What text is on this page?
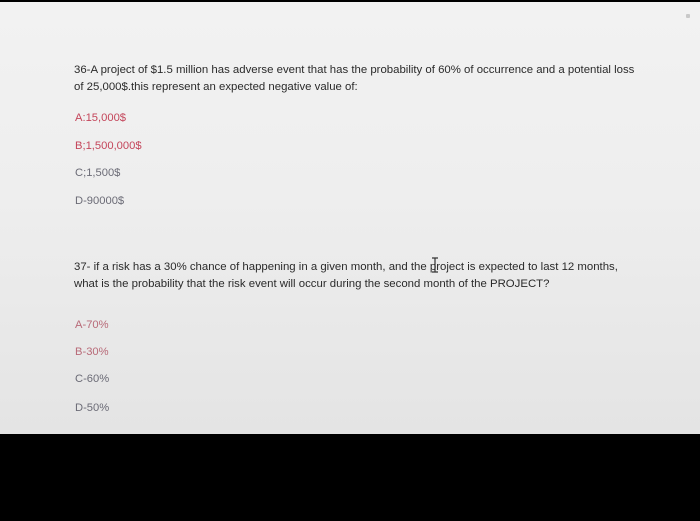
36-A project of $1.5 million has adverse event that has the probability of 60% of occurrence and a potential loss of 25,000$.this represent an expected negative value of:
A:15,000$
B;1,500,000$
C;1,500$
D-90000$
37- if a risk has a 30% chance of happening in a given month, and the project is expected to last 12 months, what is the probability that the risk event will occur during the second month of the PROJECT?
A-70%
B-30%
C-60%
D-50%
